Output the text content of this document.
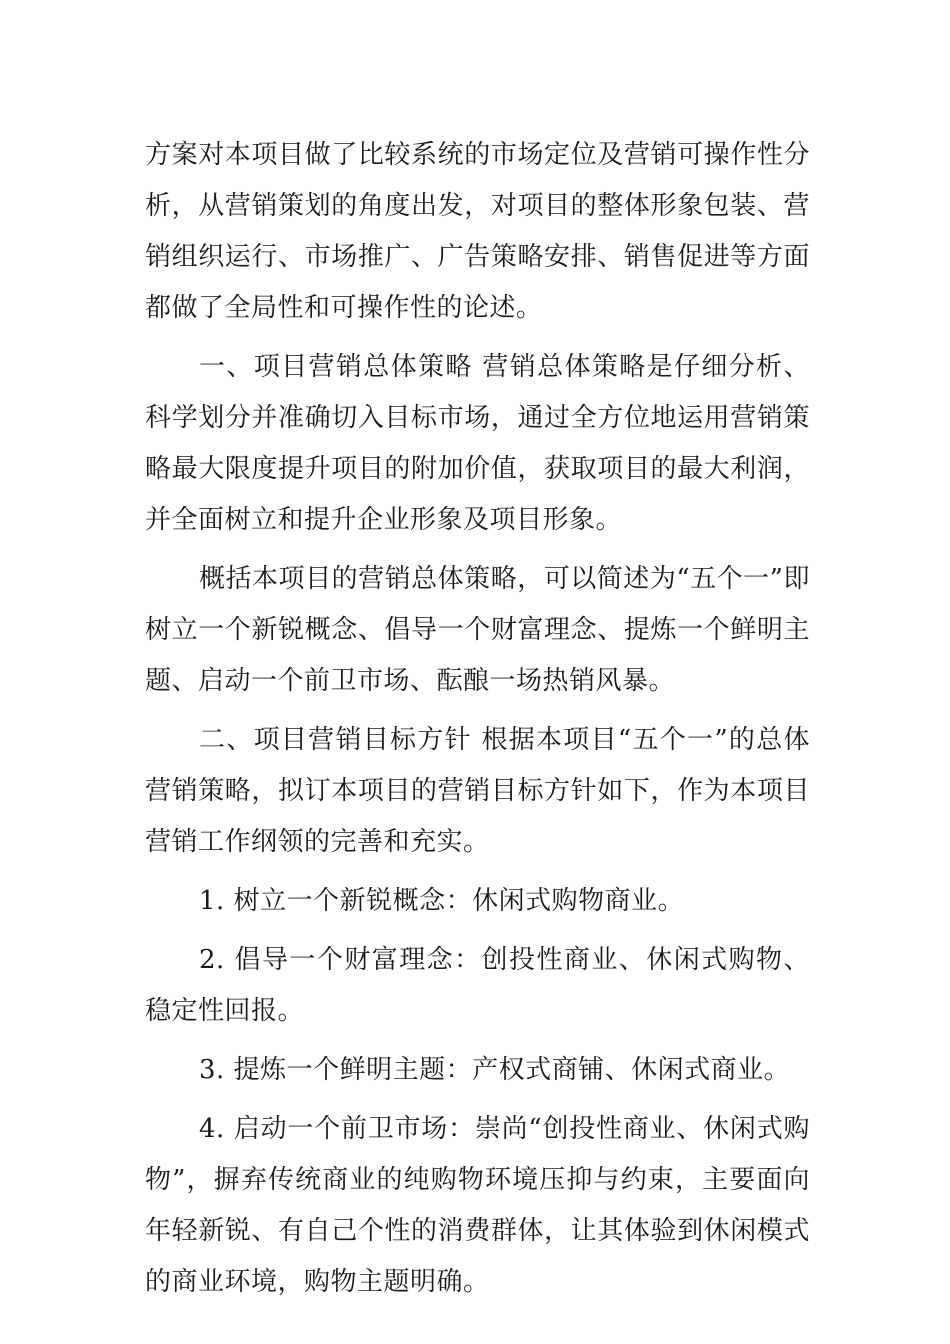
方案对本项目做了比较系统的市场定位及营销可操作性分析，从营销策划的角度出发，对项目的整体形象包装、营销组织运行、市场推广、广告策略安排、销售促进等方面都做了全局性和可操作性的论述。

一、项目营销总体策略 营销总体策略是仔细分析、科学划分并准确切入目标市场，通过全方位地运用营销策略最大限度提升项目的附加价值，获取项目的最大利润，并全面树立和提升企业形象及项目形象。

概括本项目的营销总体策略，可以简述为“五个一”即树立一个新锐概念、倡导一个财富理念、提炼一个鲜明主题、启动一个前卫市场、酝酿一场热销风暴。

二、项目营销目标方针 根据本项目“五个一”的总体营销策略，拟订本项目的营销目标方针如下，作为本项目营销工作纲领的完善和充实。

1. 树立一个新锐概念：休闲式购物商业。

2. 倡导一个财富理念：创投性商业、休闲式购物、稳定性回报。

3. 提炼一个鲜明主题：产权式商铺、休闲式商业。

4. 启动一个前卫市场：崇尚“创投性商业、休闲式购物”，摒弃传统商业的纯购物环境压抑与约束，主要面向年轻新锐、有自己个性的消费群体，让其体验到休闲模式的商业环境，购物主题明确。
